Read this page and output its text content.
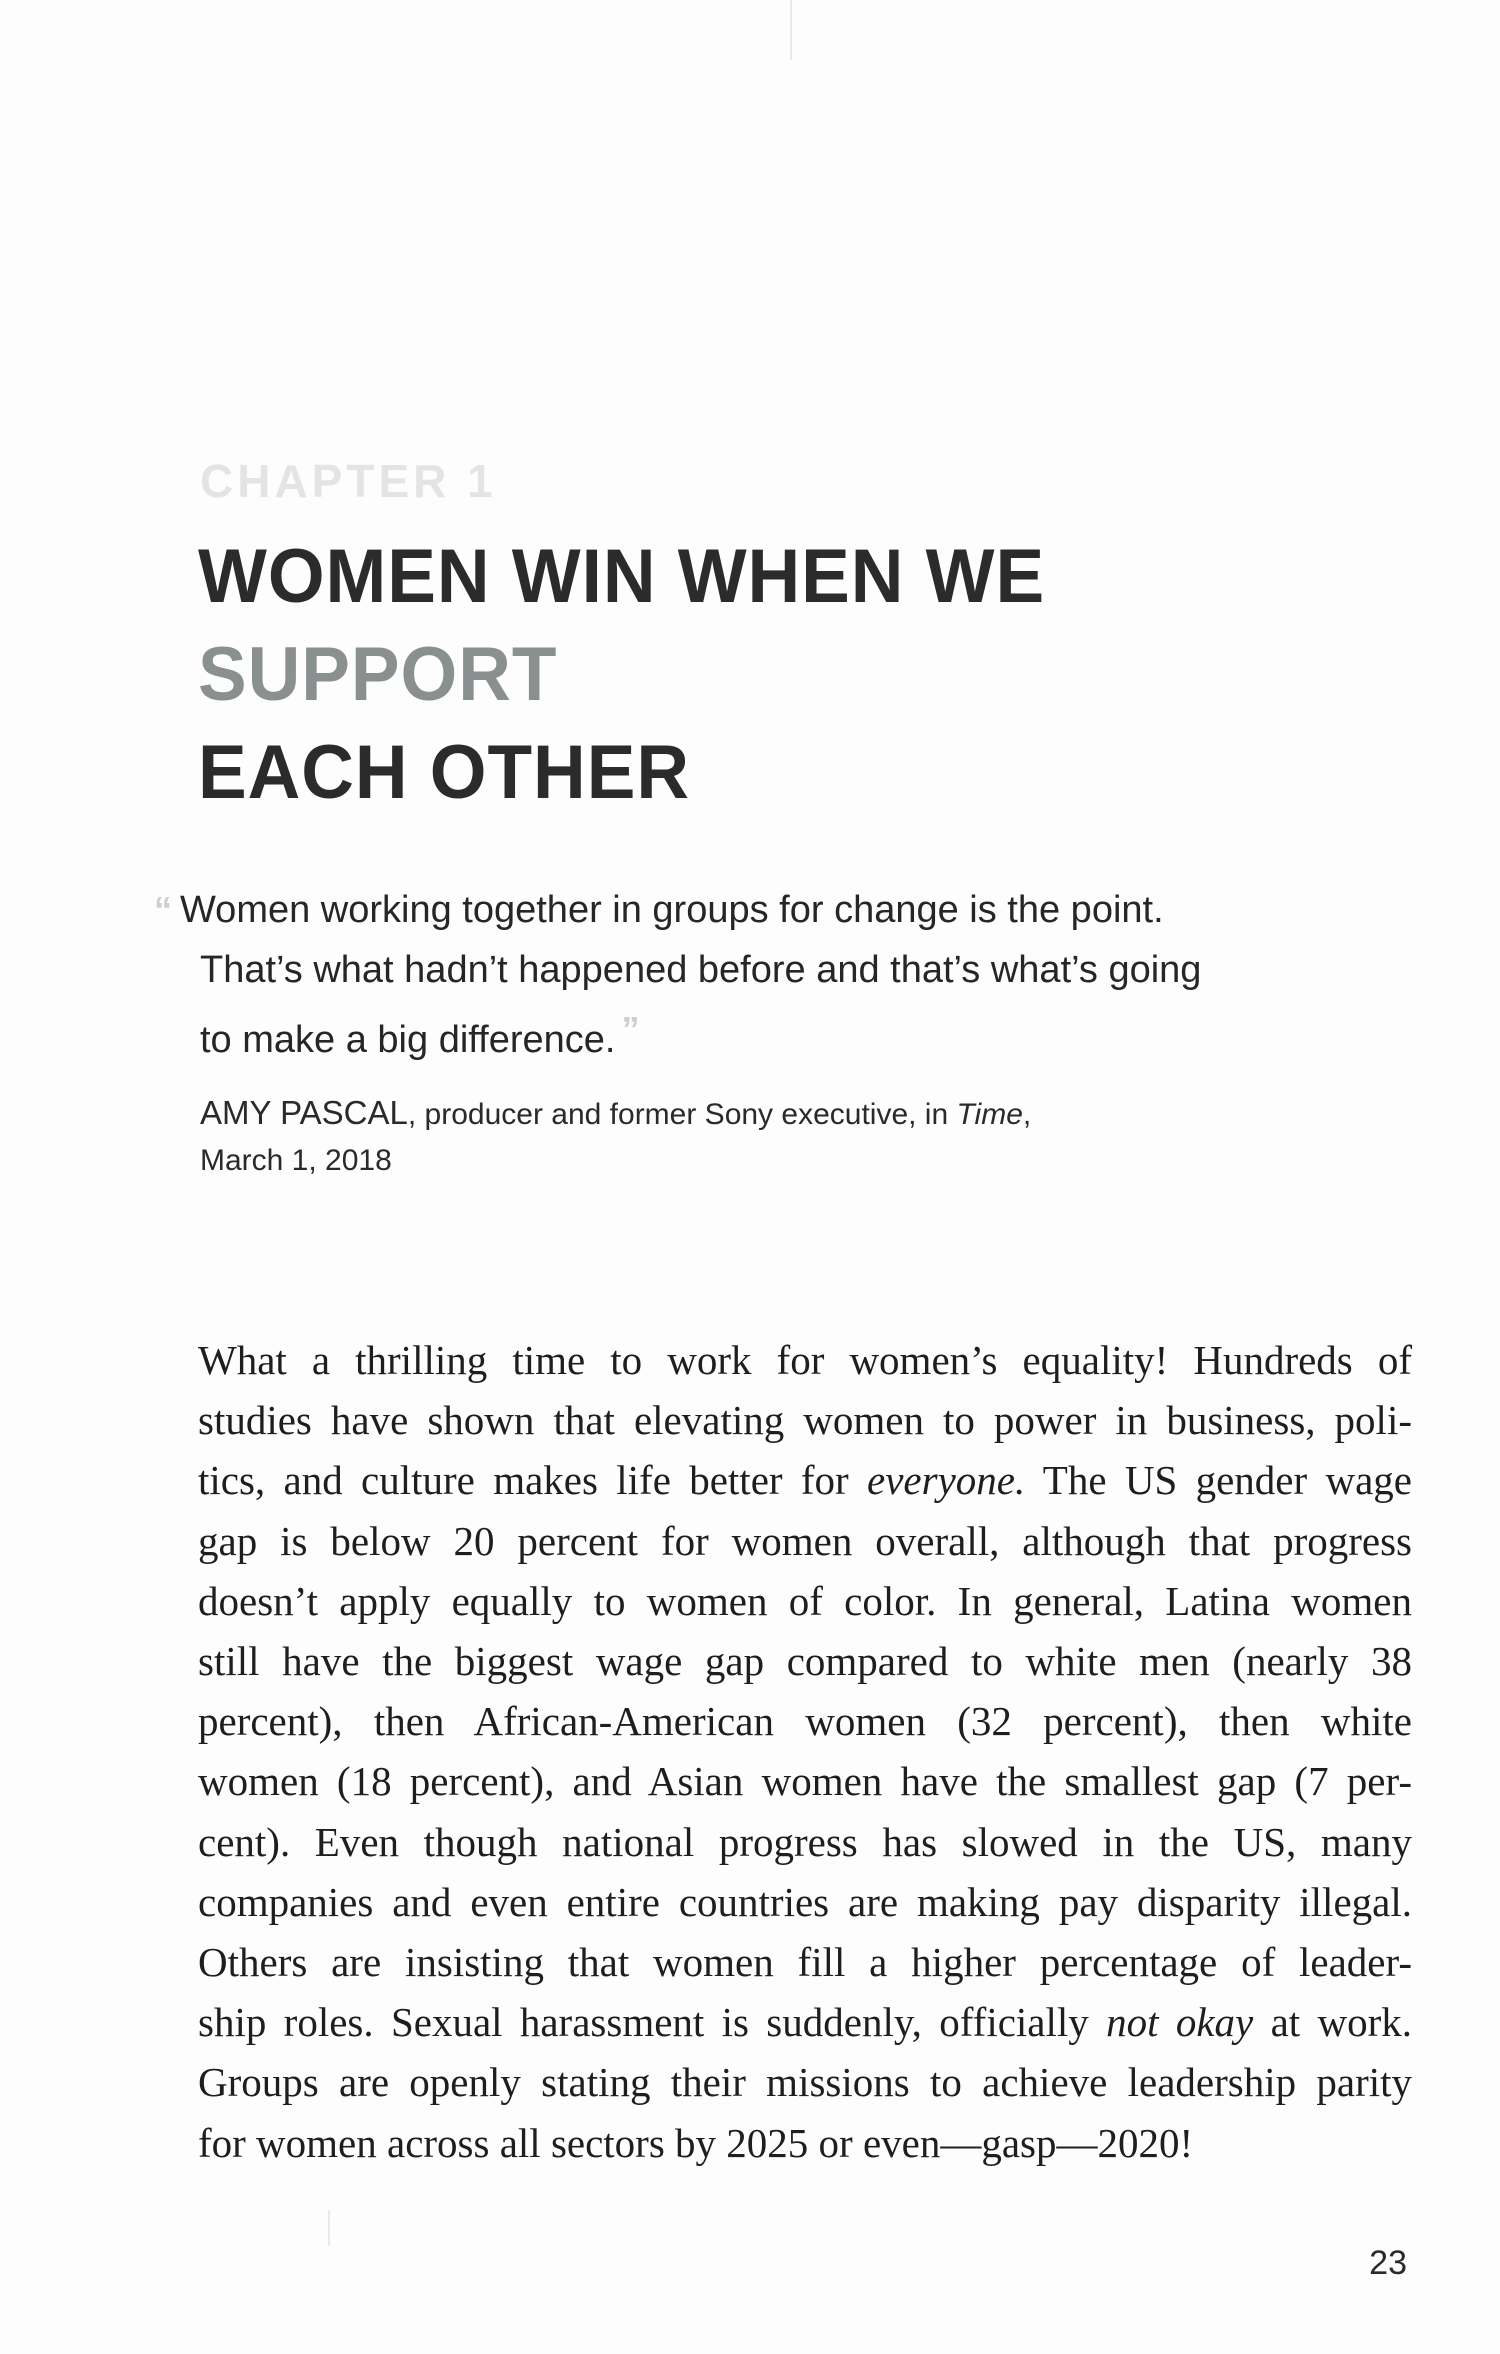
CHAPTER 1
WOMEN WIN WHEN WE SUPPORT
EACH OTHER
“ Women working together in groups for change is the point.
That’s what hadn’t happened before and that’s what’s going
to make a big difference. ”
AMY PASCAL, producer and former Sony executive, in Time,
March 1, 2018
What a thrilling time to work for women’s equality! Hundreds of
studies have shown that elevating women to power in business, poli-
tics, and culture makes life better for everyone. The US gender wage
gap is below 20 percent for women overall, although that progress
doesn’t apply equally to women of color. In general, Latina women
still have the biggest wage gap compared to white men (nearly 38
percent), then African-American women (32 percent), then white
women (18 percent), and Asian women have the smallest gap (7 per-
cent). Even though national progress has slowed in the US, many
companies and even entire countries are making pay disparity illegal.
Others are insisting that women fill a higher percentage of leader-
ship roles. Sexual harassment is suddenly, officially not okay at work.
Groups are openly stating their missions to achieve leadership parity
for women across all sectors by 2025 or even—gasp—2020!
23
